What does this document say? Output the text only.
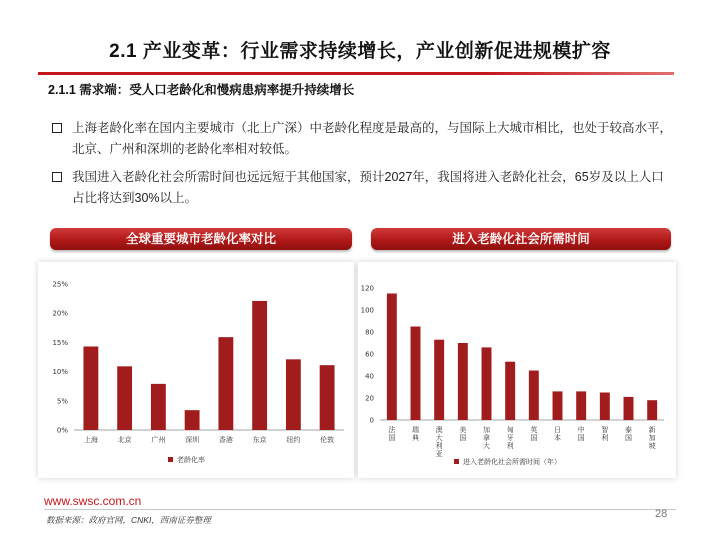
2.1 产业变革：行业需求持续增长，产业创新促进规模扩容
2.1.1 需求端：受人口老龄化和慢病患病率提升持续增长
上海老龄化率在国内主要城市（北上广深）中老龄化程度是最高的，与国际上大城市相比，也处于较高水平，北京、广州和深圳的老龄化率相对较低。
我国进入老龄化社会所需时间也远远短于其他国家，预计2027年，我国将进入老龄化社会，65岁及以上人口占比将达到30%以上。
全球重要城市老龄化率对比	进入老龄化社会所需时间
0%
5%
10%
15%
20%
25%
上海	北京	广州	深圳	香港	东京	纽约	伦敦
老龄化率
0
20
40
60
80
100
120
法国
瑞典
澳大利亚
美国
加拿大
匈牙利
英国
日本
中国
智利
泰国
新加坡
进入老龄化社会所需时间（年）
www.swsc.com.cn
数据来源：政府官网，CNKI，西南证券整理	28
